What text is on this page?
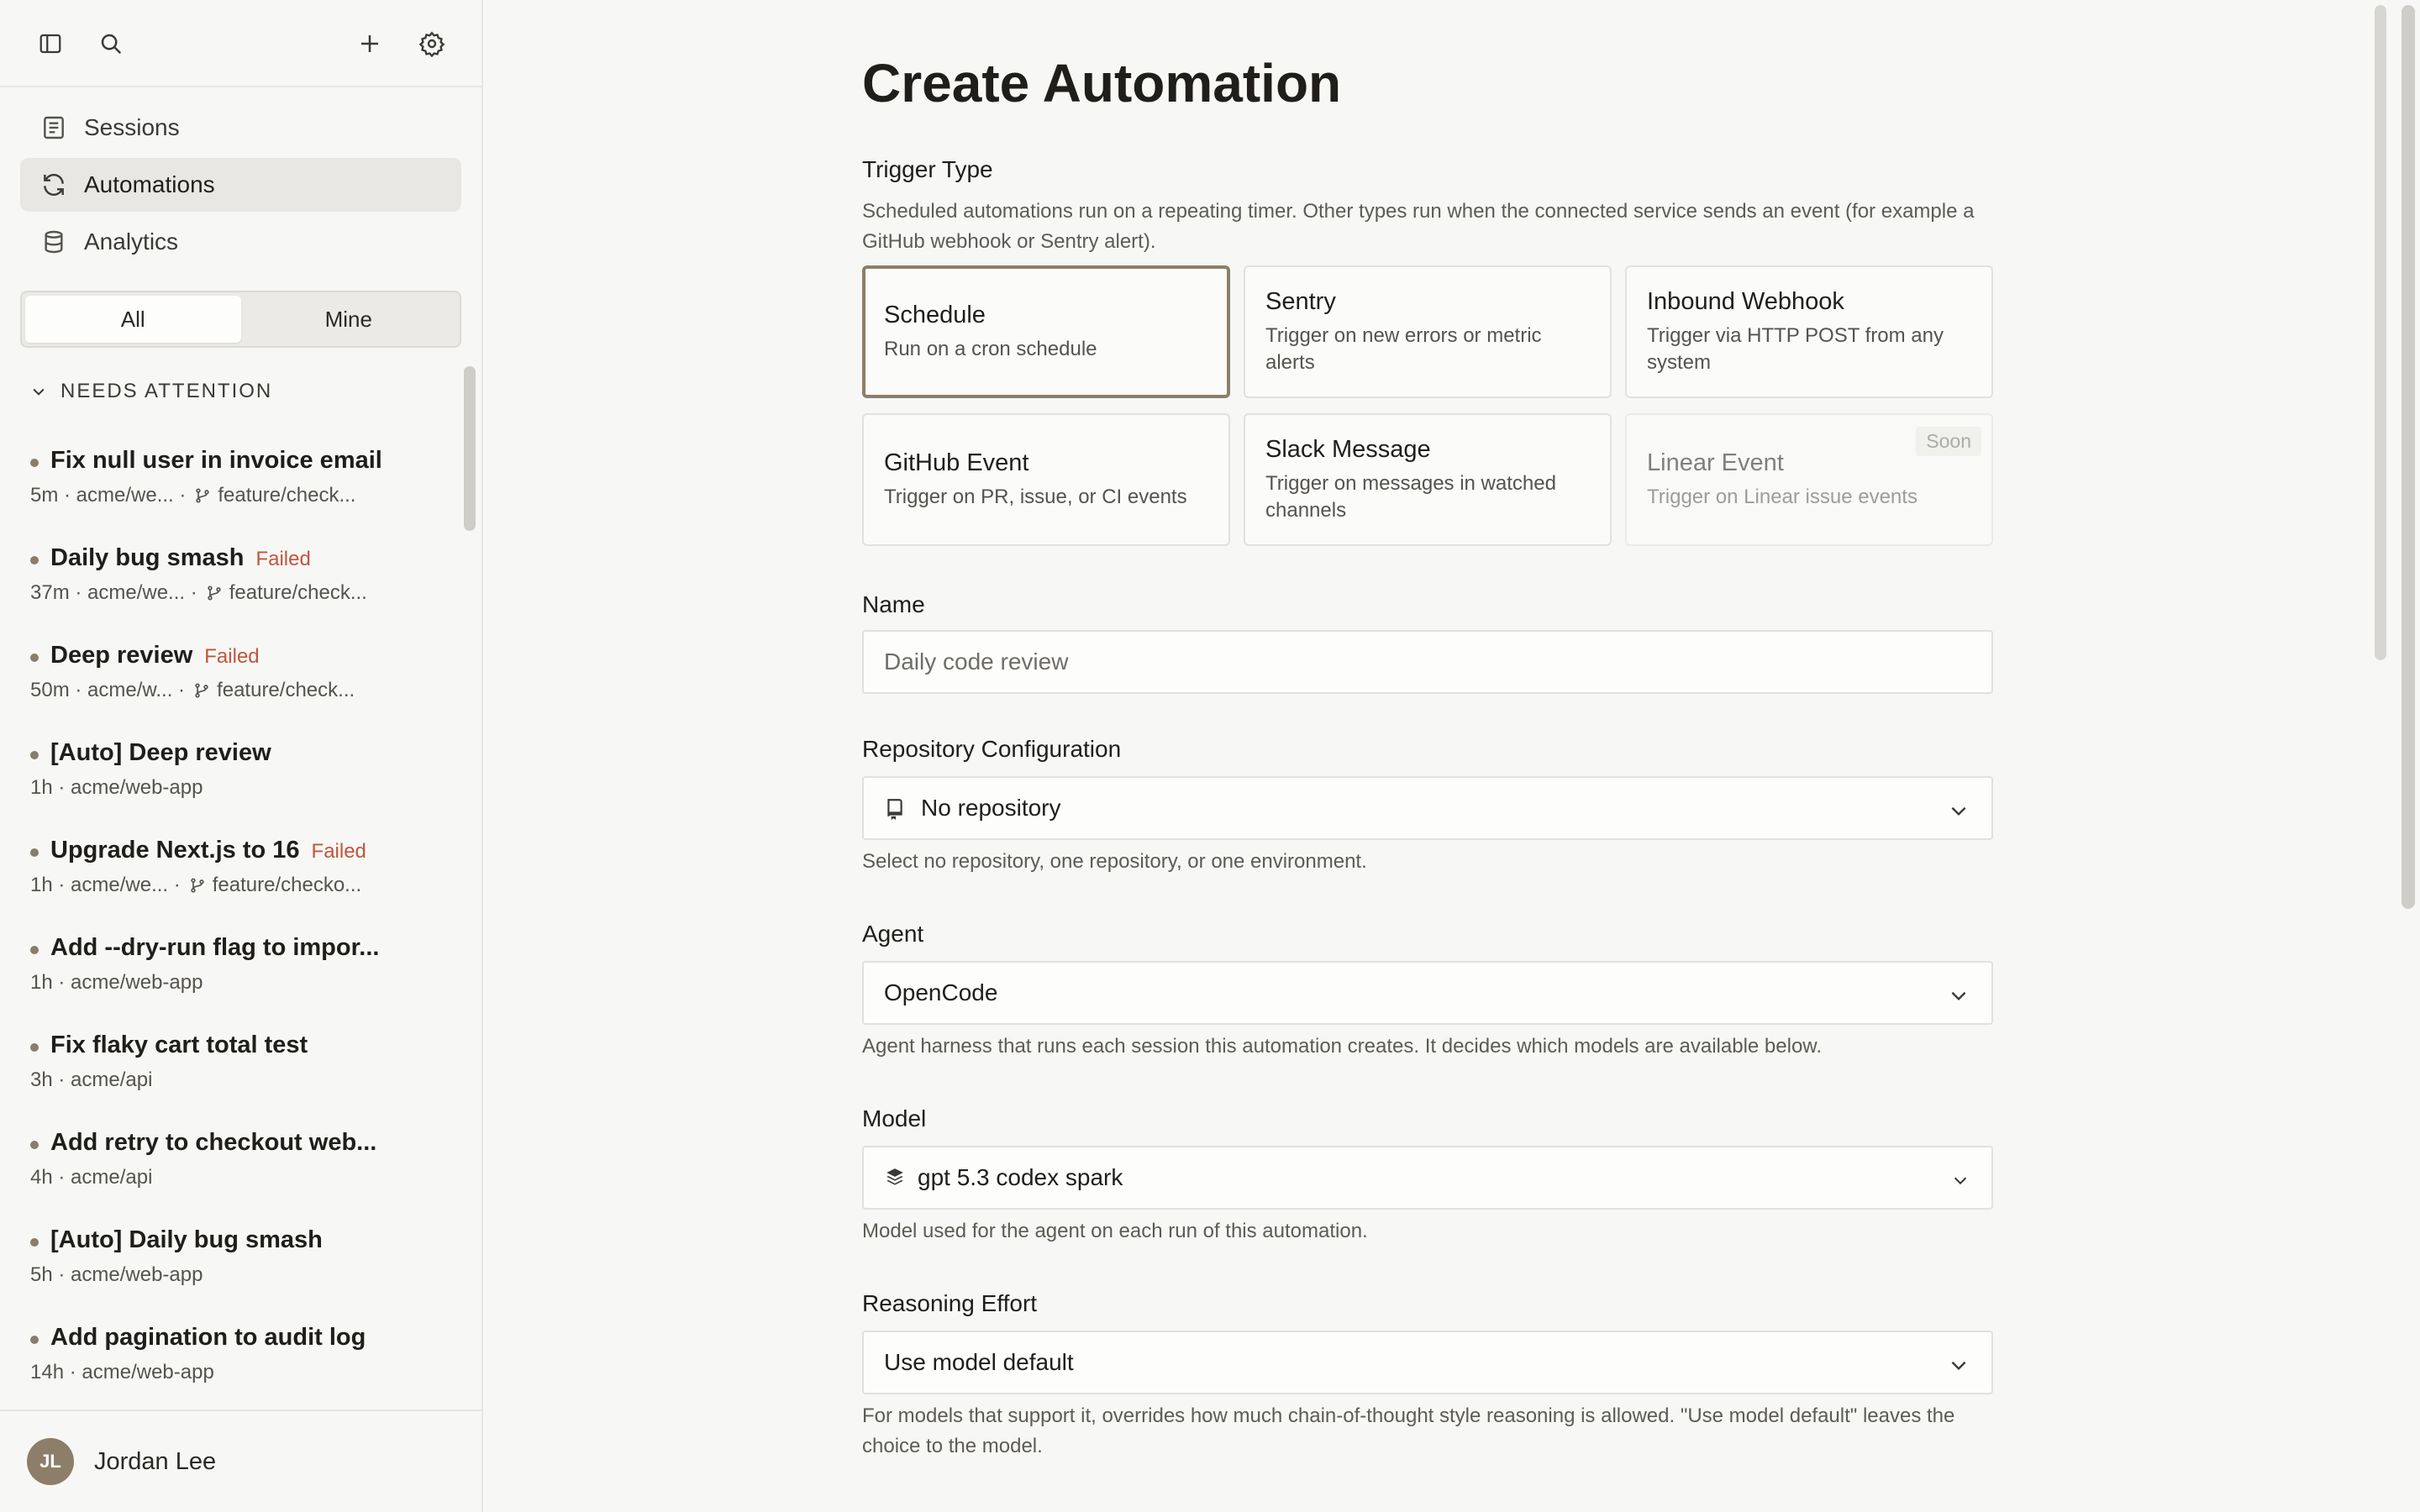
Sessions
Automations
Analytics
All	Mine
NEEDS ATTENTION
Fix null user in invoice email
5m · acme/we... · feature/check...
Daily bug smash Failed
37m · acme/we... · feature/check...
Deep review Failed
50m · acme/w... · feature/check...
[Auto] Deep review
1h · acme/web-app
Upgrade Next.js to 16 Failed
1h · acme/we... · feature/checko...
Add --dry-run flag to impor...
1h · acme/web-app
Fix flaky cart total test
3h · acme/api
Add retry to checkout web...
4h · acme/api
[Auto] Daily bug smash
5h · acme/web-app
Add pagination to audit log
14h · acme/web-app
JL	Jordan Lee
Create Automation
Trigger Type
Scheduled automations run on a repeating timer. Other types run when the connected service sends an event (for example a GitHub webhook or Sentry alert).
Schedule
Run on a cron schedule
Sentry
Trigger on new errors or metric alerts
Inbound Webhook
Trigger via HTTP POST from any system
GitHub Event
Trigger on PR, issue, or CI events
Slack Message
Trigger on messages in watched channels
Linear Event
Trigger on Linear issue events
Soon
Name
Daily code review
Repository Configuration
No repository
Select no repository, one repository, or one environment.
Agent
OpenCode
Agent harness that runs each session this automation creates. It decides which models are available below.
Model
gpt 5.3 codex spark
Model used for the agent on each run of this automation.
Reasoning Effort
Use model default
For models that support it, overrides how much chain-of-thought style reasoning is allowed. "Use model default" leaves the choice to the model.
